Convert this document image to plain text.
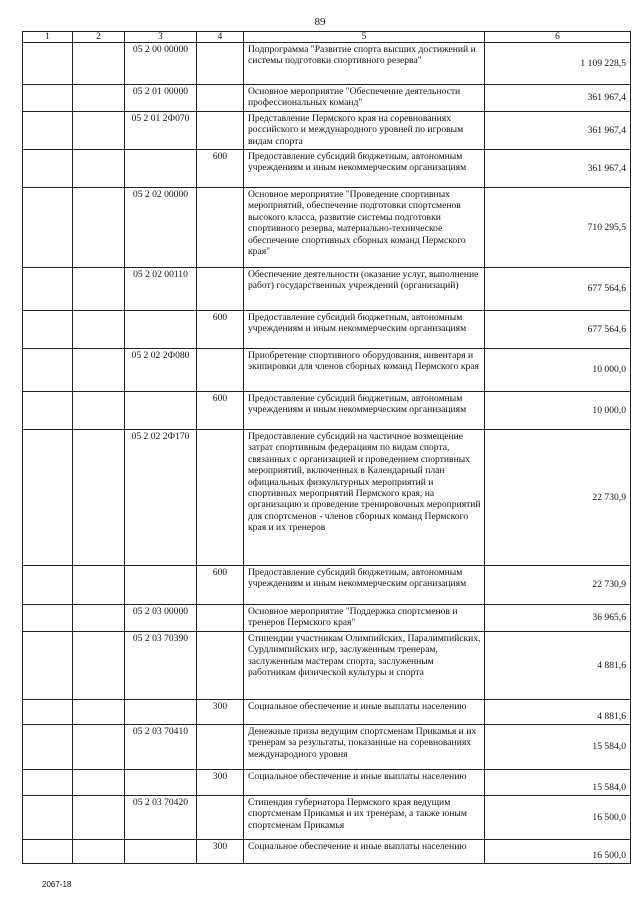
89
1	2	3	4	5	6
		05 2 00 00000		Подпрограмма "Развитие спорта высших достижений и системы подготовки спортивного резерва"	1 109 228,5
		05 2 01 00000		Основное мероприятие "Обеспечение деятельности профессиональных команд"	361 967,4
		05 2 01 2Ф070		Представление Пермского края на соревнованиях российского и международного уровней по игровым видам спорта	361 967,4
			600	Предоставление субсидий бюджетным, автономным учреждениям и иным некоммерческим организациям	361 967,4
		05 2 02 00000		Основное мероприятие "Проведение спортивных мероприятий, обеспечение подготовки спортсменов высокого класса, развитие системы подготовки спортивного резерва, материально-техническое обеспечение спортивных сборных команд Пермского края"	710 295,5
		05 2 02 00110		Обеспечение деятельности (оказание услуг, выполнение работ) государственных учреждений (организаций)	677 564,6
			600	Предоставление субсидий бюджетным, автономным учреждениям и иным некоммерческим организациям	677 564,6
		05 2 02 2Ф080		Приобретение спортивного оборудования, инвентаря и экипировки для членов сборных команд Пермского края	10 000,0
			600	Предоставление субсидий бюджетным, автономным учреждениям и иным некоммерческим организациям	10 000,0
		05 2 02 2Ф170		Предоставление субсидий на частичное возмещение затрат спортивным федерациям по видам спорта, связанных с организацией и проведением спортивных мероприятий, включенных в Календарный план официальных физкультурных мероприятий и спортивных мероприятий Пермского края, на организацию и проведение тренировочных мероприятий для спортсменов - членов сборных команд Пермского края и их тренеров	22 730,9
			600	Предоставление субсидий бюджетным, автономным учреждениям и иным некоммерческим организациям	22 730,9
		05 2 03 00000		Основное мероприятие "Поддержка спортсменов и тренеров Пермского края"	36 965,6
		05 2 03 70390		Стипендии участникам Олимпийских, Паралимпийских, Сурдлимпийских игр, заслуженным тренерам, заслуженным мастерам спорта, заслуженным работникам физической культуры и спорта	4 881,6
			300	Социальное обеспечение и иные выплаты населению	4 881,6
		05 2 03 70410		Денежные призы ведущим спортсменам Прикамья и их тренерам за результаты, показанные на соревнованиях международного уровня	15 584,0
			300	Социальное обеспечение и иные выплаты населению	15 584,0
		05 2 03 70420		Стипендия губернатора Пермского края ведущим спортсменам Прикамья и их тренерам, а также юным спортсменам Прикамья	16 500,0
			300	Социальное обеспечение и иные выплаты населению	16 500,0
2067-18
